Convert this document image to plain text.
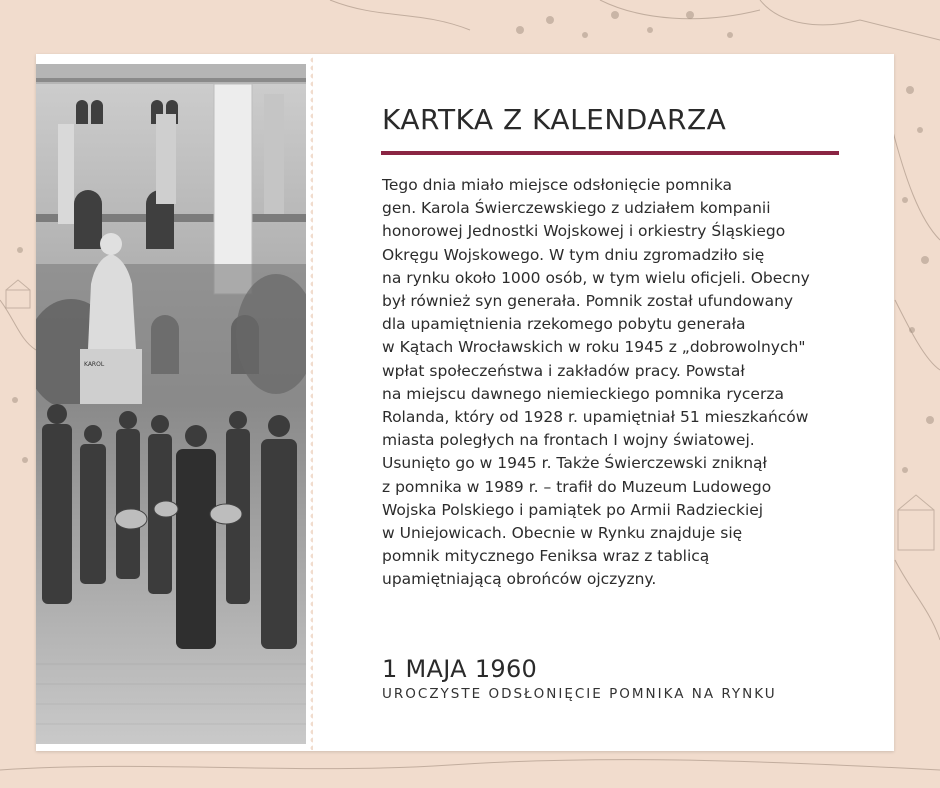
KAROL
KARTKA Z KALENDARZA

Tego dnia miało miejsce odsłonięcie pomnika
gen. Karola Świerczewskiego z udziałem kompanii
honorowej Jednostki Wojskowej i orkiestry Śląskiego
Okręgu Wojskowego. W tym dniu zgromadziło się
na rynku około 1000 osób, w tym wielu oficjeli. Obecny
był również syn generała. Pomnik został ufundowany
dla upamiętnienia rzekomego pobytu generała
w Kątach Wrocławskich w roku 1945 z „dobrowolnych"
wpłat społeczeństwa i zakładów pracy. Powstał
na miejscu dawnego niemieckiego pomnika rycerza
Rolanda, który od 1928 r. upamiętniał 51 mieszkańców
miasta poległych na frontach I wojny światowej.
Usunięto go w 1945 r. Także Świerczewski zniknął
z pomnika w 1989 r. – trafił do Muzeum Ludowego
Wojska Polskiego i pamiątek po Armii Radzieckiej
w Uniejowicach. Obecnie w Rynku znajduje się
pomnik mitycznego Feniksa wraz z tablicą
upamiętniającą obrońców ojczyzny.

1 MAJA 1960

UROCZYSTE ODSŁONIĘCIE POMNIKA NA RYNKU
